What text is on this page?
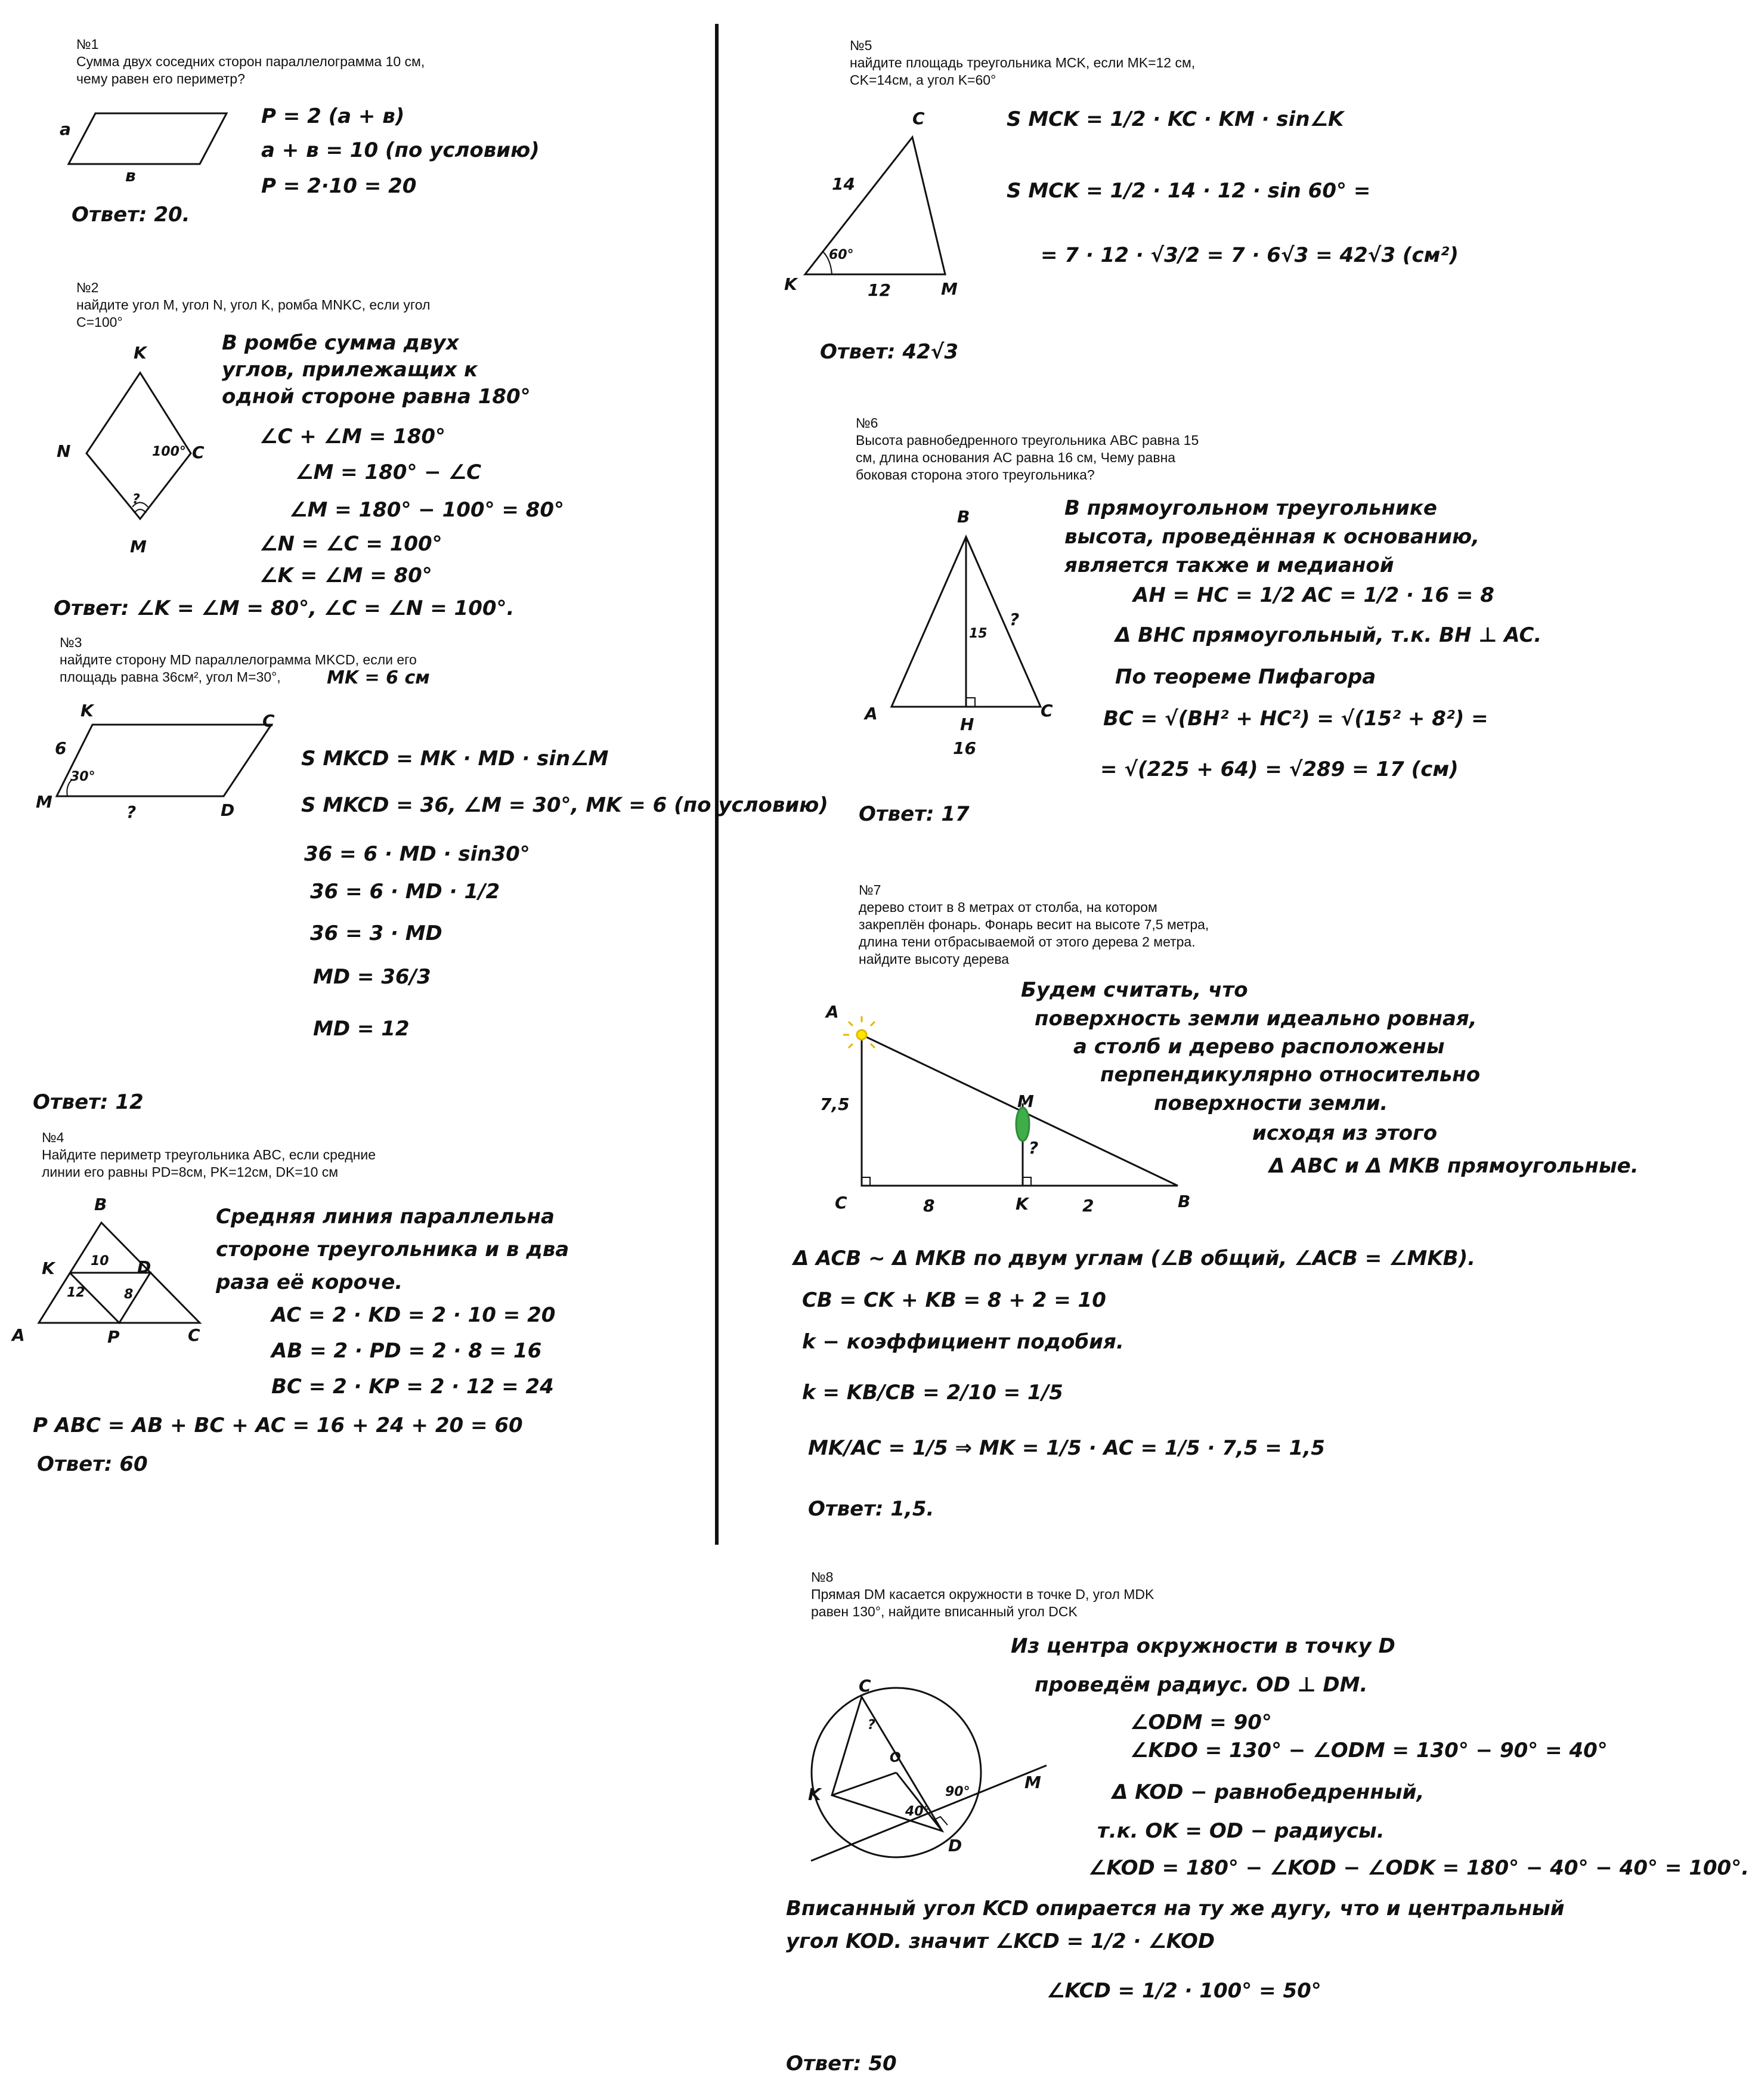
№1
Сумма двух соседних сторон параллелограмма 10 см,
чему равен его периметр?
a
в
P = 2 (a + в)
a + в = 10 (по условию)
P = 2·10 = 20
Ответ: 20.
№2
найдите угол M, угол N, угол K, ромба MNKC, если угол
C=100°
K
N	100° C
?
M
В ромбе сумма двух
углов, прилежащих к
одной стороне равна 180°
∠C + ∠M = 180°
∠M = 180° − ∠C
∠M = 180° − 100° = 80°
∠N = ∠C = 100°
∠K = ∠M = 80°
Ответ: ∠K = ∠M = 80°, ∠C = ∠N = 100°.
№3
найдите сторону MD параллелограмма MKCD, если его
площадь равна 36см², угол M=30°,	MK = 6 см
K
C
6
30°
M
?	D
S MKCD = MK · MD · sin∠M
S MKCD = 36, ∠M = 30°, MK = 6 (по условию)
36 = 6 · MD · sin30°
36 = 6 · MD · 1/2
36 = 3 · MD
MD = 36/3
MD = 12
Ответ: 12
№4
Найдите периметр треугольника ABC, если средние
линии его равны PD=8см, PK=12см, DK=10 см
B
K	10 D
12	8
A	P	C
Средняя линия параллельна
стороне треугольника и в два
раза её короче.
AC = 2 · KD = 2 · 10 = 20
AB = 2 · PD = 2 · 8 = 16
BC = 2 · KP = 2 · 12 = 24
P ABC = AB + BC + AC = 16 + 24 + 20 = 60
Ответ: 60
№5
найдите площадь треугольника MCK, если MK=12 см,
CK=14см, а угол K=60°
C
14
60°
K	12	M
S MCK = 1/2 · KC · KM · sin∠K
S MCK = 1/2 · 14 · 12 · sin 60° =
= 7 · 12 · √3/2 = 7 · 6√3 = 42√3 (см²)
Ответ: 42√3
№6
Высота равнобедренного треугольника ABC равна 15
см, длина основания AC равна 16 см, Чему равна
боковая сторона этого треугольника?
B
15
?
A
H
C
16
В прямоугольном треугольнике
высота, проведённая к основанию,
является также и медианой
AH = HC = 1/2 AC = 1/2 · 16 = 8
Δ BHC прямоугольный, т.к. BH ⊥ AC.
По теореме Пифагора
BC = √(BH² + HC²) = √(15² + 8²) =
= √(225 + 64) = √289 = 17 (см)
Ответ: 17
№7
дерево стоит в 8 метрах от столба, на котором
закреплён фонарь. Фонарь весит на высоте 7,5 метра,
длина тени отбрасываемой от этого дерева 2 метра.
найдите высоту дерева
A
7,5	M
?
C	8	K	2	B
Будем считать, что
поверхность земли идеально ровная,
а столб и дерево расположены
перпендикулярно относительно
поверхности земли.
исходя из этого
Δ ABC и Δ MKB прямоугольные.
Δ ACB ~ Δ MKB по двум углам (∠B общий, ∠ACB = ∠MKB).
CB = CK + KB = 8 + 2 = 10
k − коэффициент подобия.
k = KB/CB = 2/10 = 1/5
MK/AC = 1/5 ⇒ MK = 1/5 · AC = 1/5 · 7,5 = 1,5
Ответ: 1,5.
№8
Прямая DM касается окружности в точке D, угол MDK
равен 130°, найдите вписанный угол DCK
C
?
O
K
40°
90°	M
D
Из центра окружности в точку D
проведём радиус. OD ⊥ DM.
∠ODM = 90°
∠KDO = 130° − ∠ODM = 130° − 90° = 40°
Δ KOD − равнобедренный,
т.к. OK = OD − радиусы.
∠KOD = 180° − ∠KOD − ∠ODK = 180° − 40° − 40° = 100°.
Вписанный угол KCD опирается на ту же дугу, что и центральный
угол KOD. значит ∠KCD = 1/2 · ∠KOD
∠KCD = 1/2 · 100° = 50°
Ответ: 50
